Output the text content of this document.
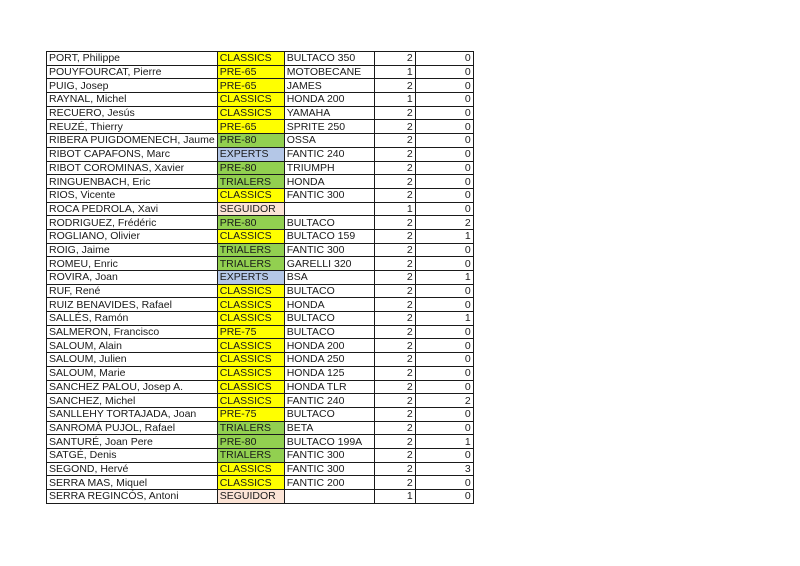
PORT, Philippe	CLASSICS	BULTACO 350	2	0
POUYFOURCAT, Pierre	PRE-65	MOTOBECANE	1	0
PUIG, Josep	PRE-65	JAMES	2	0
RAYNAL, Michel	CLASSICS	HONDA 200	1	0
RECUERO, Jesús	CLASSICS	YAMAHA	2	0
REUZÉ, Thierry	PRE-65	SPRITE 250	2	0
RIBERA PUIGDOMENECH, Jaume	PRE-80	OSSA	2	0
RIBOT CAPAFONS, Marc	EXPERTS	FANTIC 240	2	0
RIBOT COROMINAS, Xavier	PRE-80	TRIUMPH	2	0
RINGUENBACH, Eric	TRIALERS	HONDA	2	0
RIOS, Vicente	CLASSICS	FANTIC 300	2	0
ROCA PEDROLA, Xavi	SEGUIDOR		1	0
RODRIGUEZ, Frédéric	PRE-80	BULTACO	2	2
ROGLIANO, Olivier	CLASSICS	BULTACO 159	2	1
ROIG, Jaime	TRIALERS	FANTIC 300	2	0
ROMEU, Enric	TRIALERS	GARELLI 320	2	0
ROVIRA, Joan	EXPERTS	BSA	2	1
RUF, René	CLASSICS	BULTACO	2	0
RUIZ BENAVIDES, Rafael	CLASSICS	HONDA	2	0
SALLÉS, Ramón	CLASSICS	BULTACO	2	1
SALMERON, Francisco	PRE-75	BULTACO	2	0
SALOUM, Alain	CLASSICS	HONDA 200	2	0
SALOUM, Julien	CLASSICS	HONDA 250	2	0
SALOUM, Marie	CLASSICS	HONDA 125	2	0
SANCHEZ PALOU, Josep A.	CLASSICS	HONDA TLR	2	0
SANCHEZ, Michel	CLASSICS	FANTIC 240	2	2
SANLLEHY TORTAJADA, Joan	PRE-75	BULTACO	2	0
SANROMÀ PUJOL, Rafael	TRIALERS	BETA	2	0
SANTURÉ, Joan Pere	PRE-80	BULTACO 199A	2	1
SATGÉ, Denis	TRIALERS	FANTIC 300	2	0
SEGOND, Hervé	CLASSICS	FANTIC 300	2	3
SERRA MAS, Miquel	CLASSICS	FANTIC 200	2	0
SERRA REGINCÓS, Antoni	SEGUIDOR		1	0
